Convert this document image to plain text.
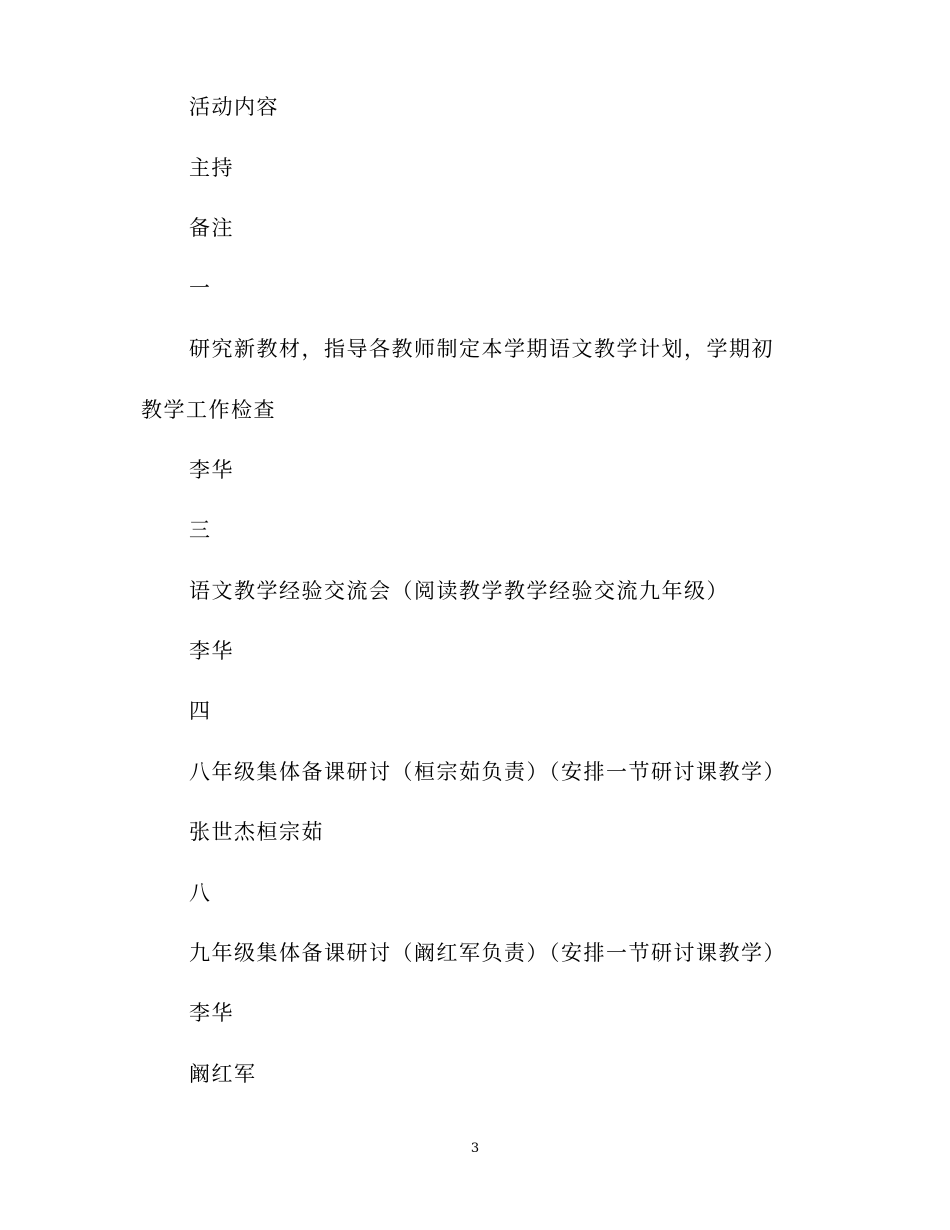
活动内容
主持
备注
一
研究新教材，指导各教师制定本学期语文教学计划，学期初
教学工作检查
李华
三
语文教学经验交流会（阅读教学教学经验交流九年级）
李华
四
八年级集体备课研讨（桓宗茹负责）（安排一节研讨课教学）
张世杰桓宗茹
八
九年级集体备课研讨（阚红军负责）（安排一节研讨课教学）
李华
阚红军
3
